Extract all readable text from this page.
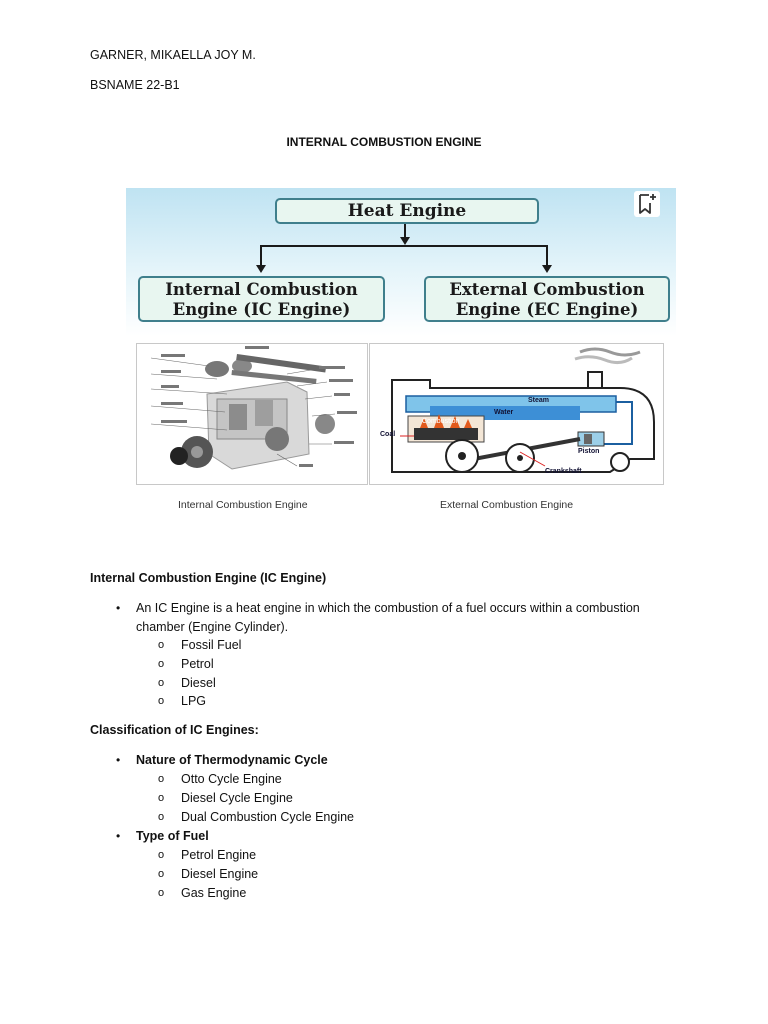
GARNER, MIKAELLA JOY M.
BSNAME 22-B1
INTERNAL COMBUSTION ENGINE
Heat Engine
Internal Combustion
Engine (IC Engine)
External Combustion
Engine (EC Engine)
Steam
Water
Coal
Combustion
Piston
Crankshaft
Internal Combustion Engine	External Combustion Engine
Internal Combustion Engine (IC Engine)
• An IC Engine is a heat engine in which the combustion of a fuel occurs within a combustion
chamber (Engine Cylinder).
o Fossil Fuel
o Petrol
o Diesel
o LPG
Classification of IC Engines:
• Nature of Thermodynamic Cycle
o Otto Cycle Engine
o Diesel Cycle Engine
o Dual Combustion Cycle Engine
• Type of Fuel
o Petrol Engine
o Diesel Engine
o Gas Engine
